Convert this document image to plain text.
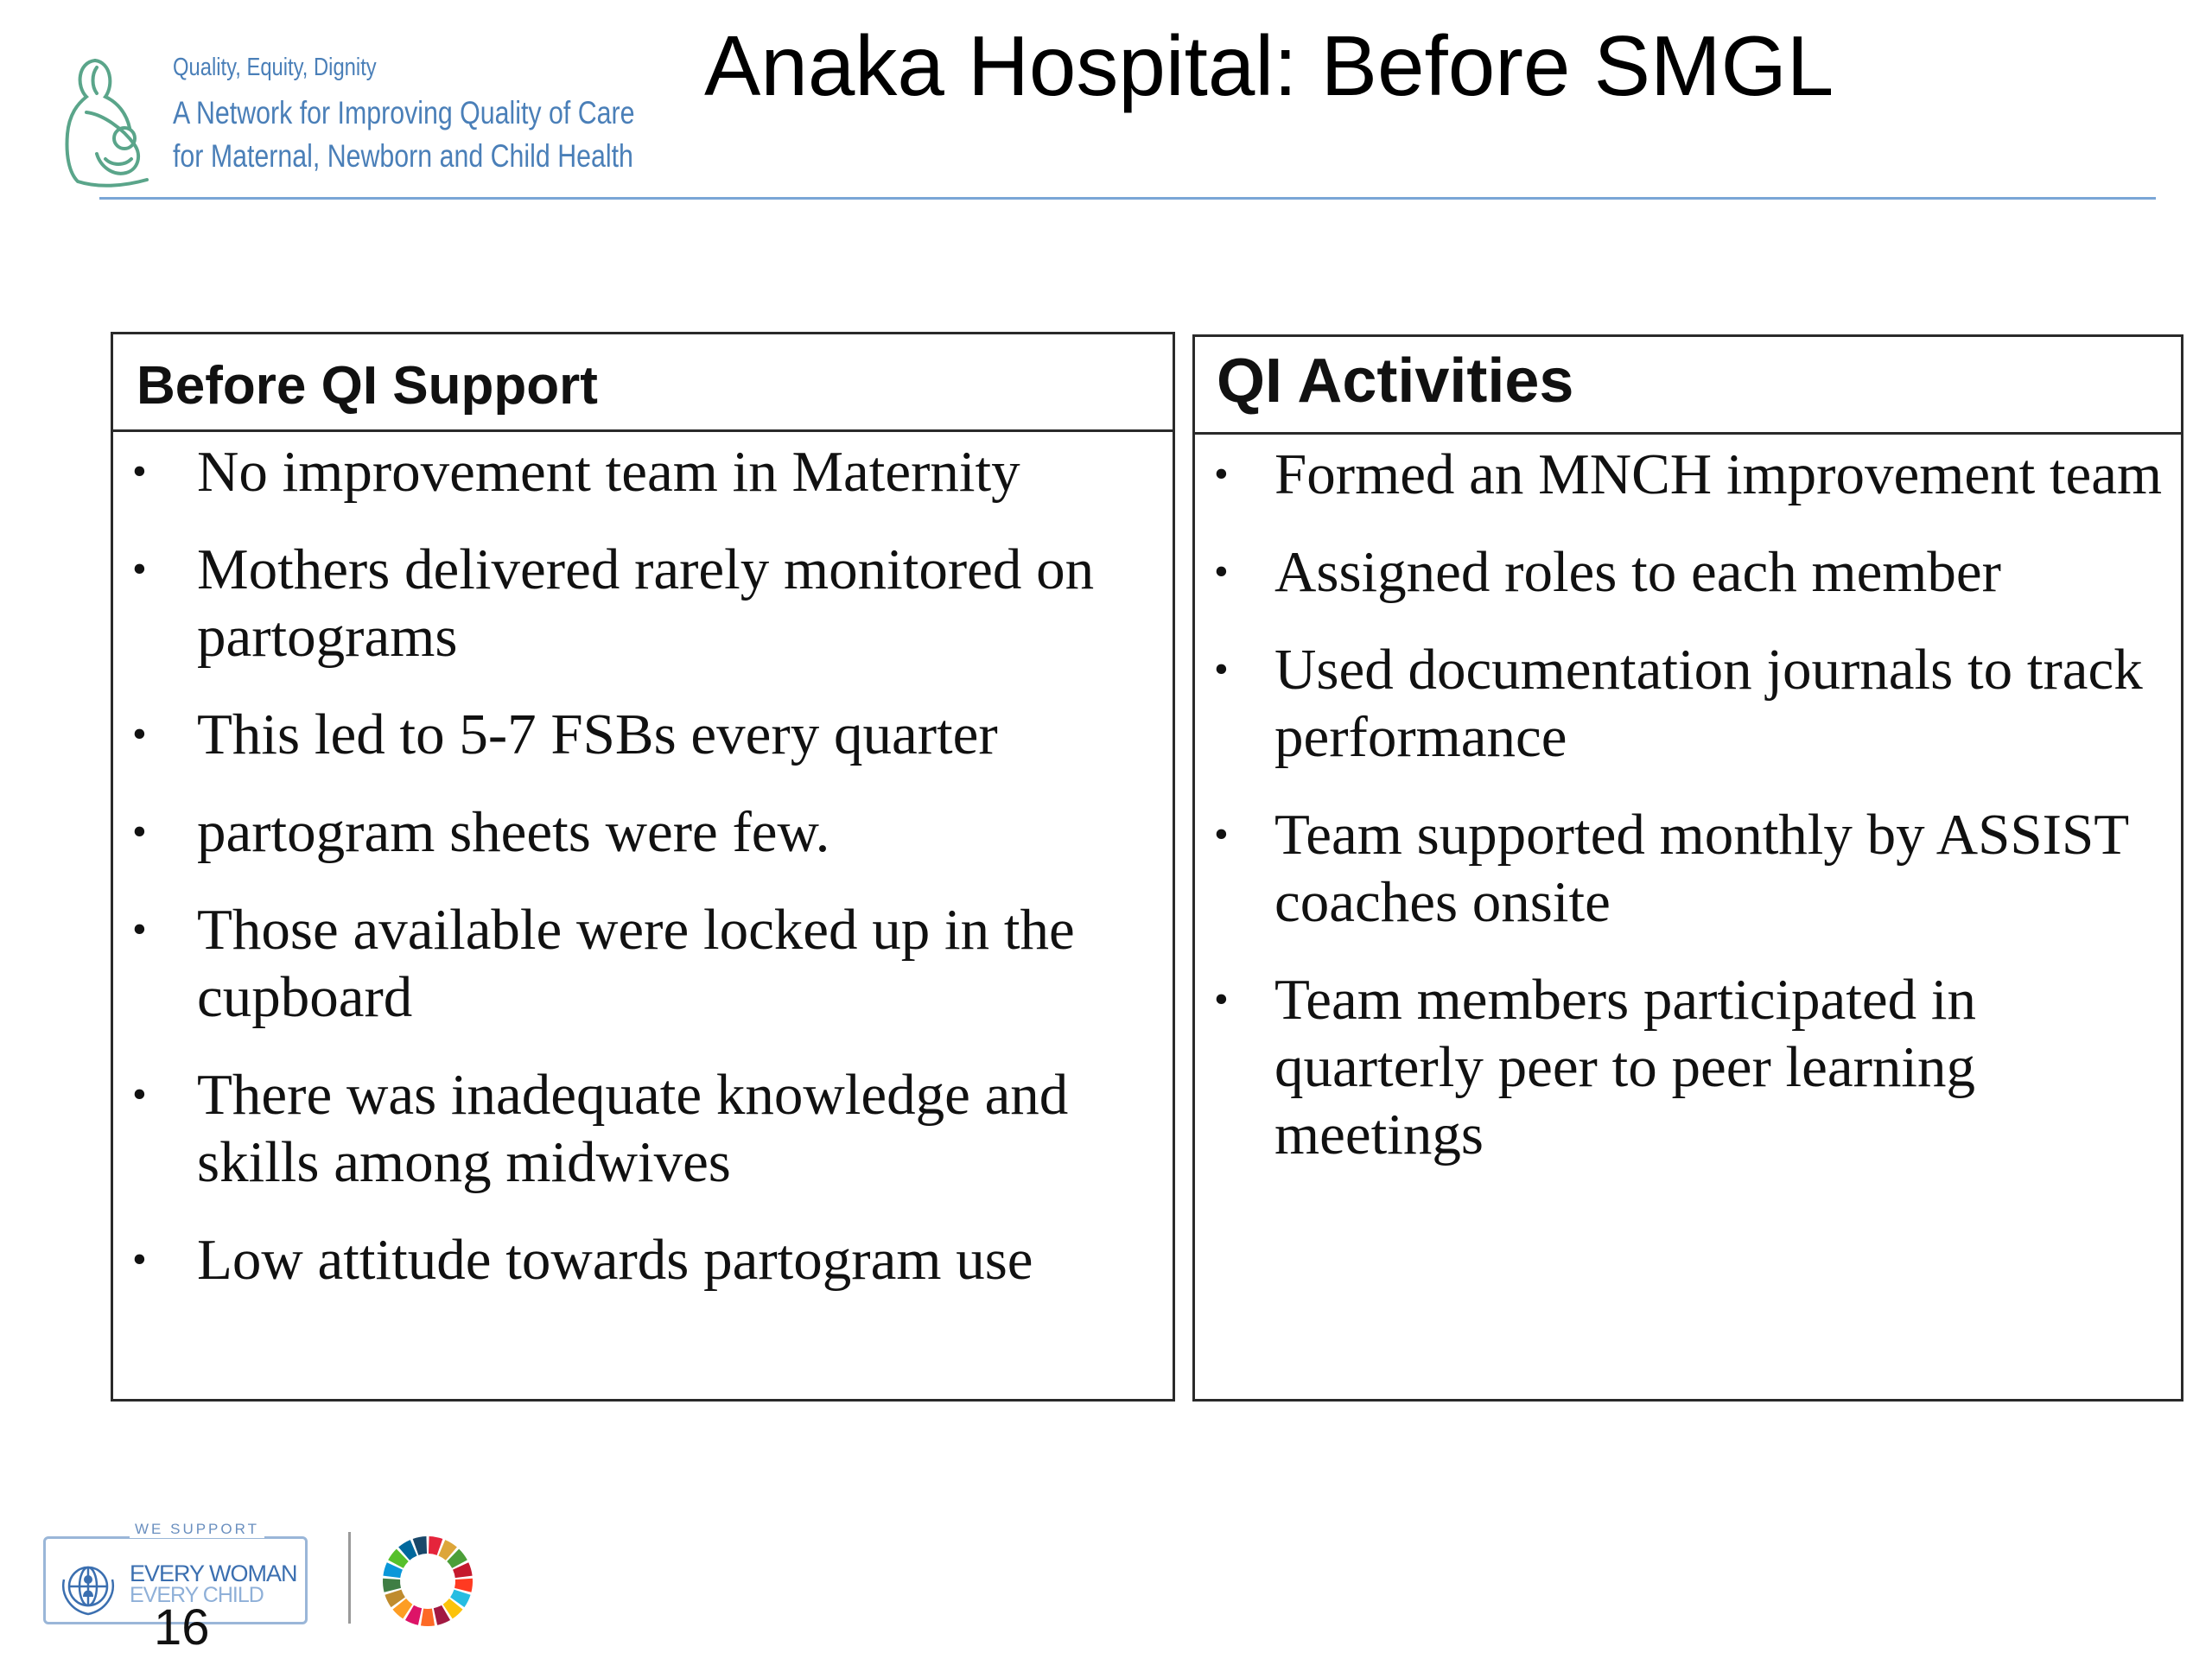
Quality, Equity, Dignity
A Network for Improving Quality of Care
for Maternal, Newborn and Child Health
Anaka Hospital: Before SMGL
Before QI Support
• No improvement team in Maternity
• Mothers delivered rarely monitored on partograms
• This led to 5-7 FSBs every quarter
• partogram sheets were few.
• Those available were locked up in the cupboard
• There was inadequate knowledge and skills among midwives
• Low attitude towards partogram use
QI Activities
• Formed an MNCH improvement team
• Assigned roles to each member
• Used documentation journals to track performance
• Team supported monthly by ASSIST coaches onsite
• Team members participated in quarterly peer to peer learning meetings
WE SUPPORT
EVERY WOMAN
EVERY CHILD
16
